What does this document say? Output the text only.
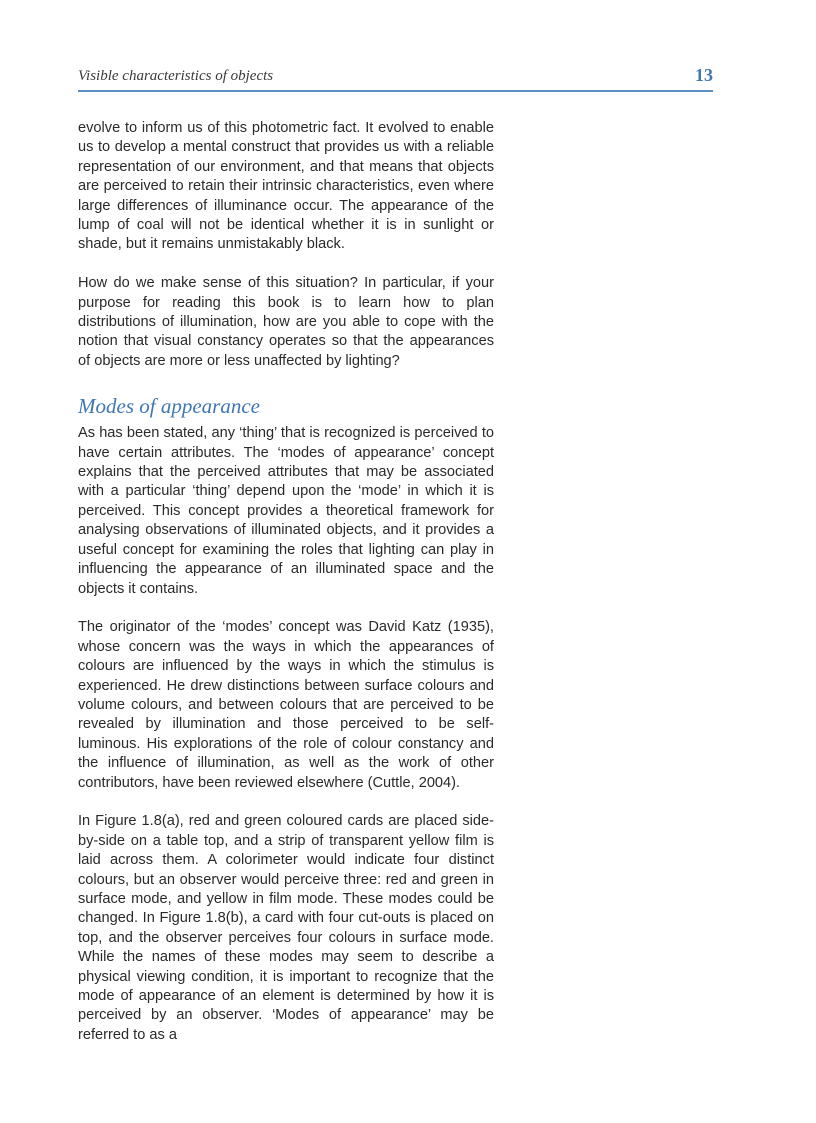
Visible characteristics of objects	13

evolve to inform us of this photometric fact. It evolved to enable us to develop a mental construct that provides us with a reliable representation of our environment, and that means that objects are perceived to retain their intrinsic characteristics, even where large differences of illuminance occur. The appearance of the lump of coal will not be identical whether it is in sunlight or shade, but it remains unmistakably black.

How do we make sense of this situation? In particular, if your purpose for reading this book is to learn how to plan distributions of illumination, how are you able to cope with the notion that visual constancy operates so that the appearances of objects are more or less unaffected by lighting?

Modes of appearance

As has been stated, any ‘thing’ that is recognized is perceived to have certain attributes. The ‘modes of appearance’ concept explains that the perceived attributes that may be associated with a particular ‘thing’ depend upon the ‘mode’ in which it is perceived. This concept provides a theoretical framework for analysing observations of illuminated objects, and it provides a useful concept for examining the roles that lighting can play in influencing the appearance of an illuminated space and the objects it contains.

The originator of the ‘modes’ concept was David Katz (1935), whose concern was the ways in which the appearances of colours are influenced by the ways in which the stimulus is experienced. He drew distinctions between surface colours and volume colours, and between colours that are perceived to be revealed by illumination and those perceived to be self-luminous. His explorations of the role of colour constancy and the influence of illumination, as well as the work of other contributors, have been reviewed elsewhere (Cuttle, 2004).

In Figure 1.8(a), red and green coloured cards are placed side-by-side on a table top, and a strip of transparent yellow film is laid across them. A colorimeter would indicate four distinct colours, but an observer would perceive three: red and green in surface mode, and yellow in film mode. These modes could be changed. In Figure 1.8(b), a card with four cut-outs is placed on top, and the observer perceives four colours in surface mode. While the names of these modes may seem to describe a physical viewing condition, it is important to recognize that the mode of appearance of an element is determined by how it is perceived by an observer. ‘Modes of appearance’ may be referred to as a
